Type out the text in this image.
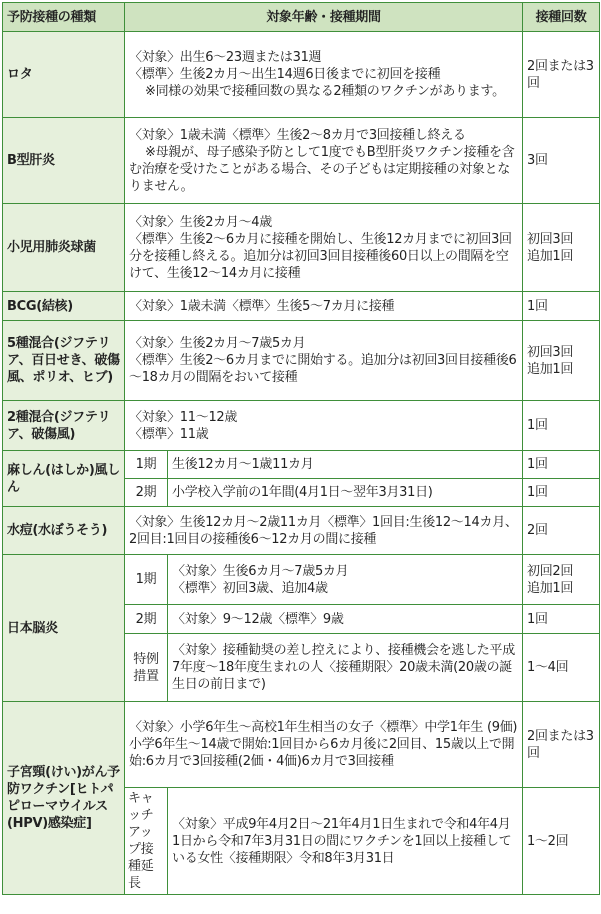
予防接種の種類	対象年齢・接種期間		接種回数
ロタ	〈対象〉出生6～23週または31週
〈標準〉生後2カ月～出生14週6日後までに初回を接種
※同様の効果で接種回数の異なる2種類のワクチンがあります。		2回または3回
B型肝炎	〈対象〉1歳未満〈標準〉生後2～8カ月で3回接種し終える
※母親が、母子感染予防として1度でもB型肝炎ワクチン接種を含む治療を受けたことがある場合、その子どもは定期接種の対象となりません。		3回
小児用肺炎球菌	〈対象〉生後2カ月～4歳
〈標準〉生後2～6カ月に接種を開始し、生後12カ月までに初回3回分を接種し終える。追加分は初回3回目接種後60日以上の間隔を空けて、生後12～14カ月に接種		初回3回
追加1回

BCG(結核)	〈対象〉1歳未満〈標準〉生後5～7カ月に接種		1回
5種混合(ジフテリア、百日せき、破傷風、ポリオ、ヒブ)	〈対象〉生後2カ月～7歳5カ月
〈標準〉生後2～6カ月までに開始する。追加分は初回3回目接種後6～18カ月の間隔をおいて接種		初回3回
追加1回

2種混合(ジフテリア、破傷風)	〈対象〉11～12歳
〈標準〉11歳		1回
麻しん(はしか)風しん	1期	生後12カ月～1歳11カ月	1回
	2期	小学校入学前の1年間(4月1日～翌年3月31日)	1回
水痘(水ぼうそう)	〈対象〉生後12カ月～2歳11カ月〈標準〉1回目:生後12～14カ月、2回目:1回目の接種後6～12カ月の間に接種		2回
日本脳炎	1期	〈対象〉生後6カ月～7歳5カ月
〈標準〉初回3歳、追加4歳	初回2回
追加1回

	2期	〈対象〉9～12歳〈標準〉9歳	1回
	特例措置	〈対象〉接種勧奨の差し控えにより、接種機会を逃した平成7年度～18年度生まれの人〈接種期限〉20歳未満(20歳の誕生日の前日まで)	1～4回
子宮頸(けい)がん予防ワクチン[ヒトパピローマウイルス(HPV)感染症]	〈対象〉小学6年生～高校1年生相当の女子〈標準〉中学1年生 (9価)小学6年生～14歳で開始:1回目から6カ月後に2回目、15歳以上で開始:6カ月で3回接種(2価・4価)6カ月で3回接種		2回または3回
	キャッチアップ接種延長	〈対象〉平成9年4月2日～21年4月1日生まれで令和4年4月1日から令和7年3月31日の間にワクチンを1回以上接種している女性〈接種期限〉令和8年3月31日	1～2回
